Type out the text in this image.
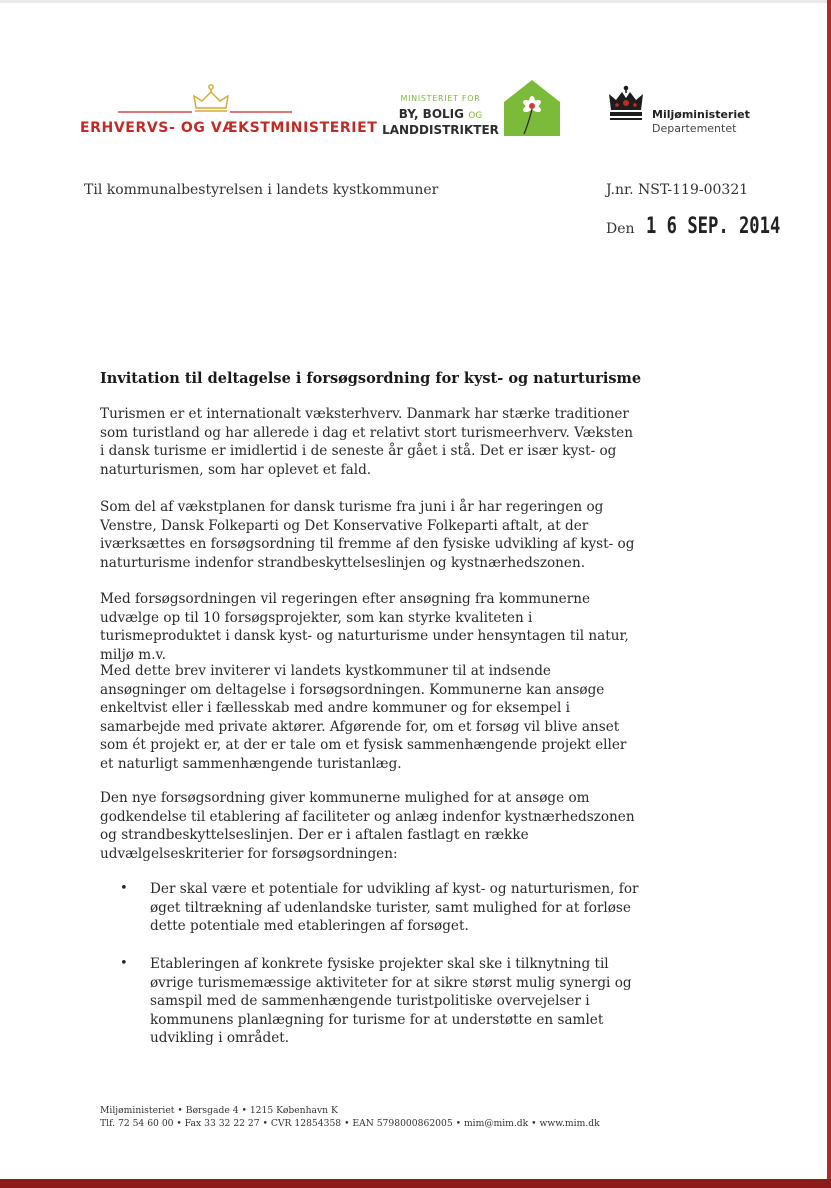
ERHVERVS- OG VÆKSTMINISTERIET
MINISTERIET FOR
BY, BOLIG OG
LANDDISTRIKTER
Miljøministeriet
Departementet
Til kommunalbestyrelsen i landets kystkommuner	J.nr. NST-119-00321
Den 1 6 SEP. 2014
Invitation til deltagelse i forsøgsordning for kyst- og naturturisme

Turismen er et internationalt væksterhverv. Danmark har stærke traditioner som turistland og har allerede i dag et relativt stort turismeerhverv. Væksten i dansk turisme er imidlertid i de seneste år gået i stå. Det er især kyst- og naturturismen, som har oplevet et fald.

Som del af vækstplanen for dansk turisme fra juni i år har regeringen og Venstre, Dansk Folkeparti og Det Konservative Folkeparti aftalt, at der iværksættes en forsøgsordning til fremme af den fysiske udvikling af kyst- og naturturisme indenfor strandbeskyttelseslinjen og kystnærhedszonen.

Med forsøgsordningen vil regeringen efter ansøgning fra kommunerne udvælge op til 10 forsøgsprojekter, som kan styrke kvaliteten i turismeproduktet i dansk kyst- og naturturisme under hensyntagen til natur, miljø m.v.

Med dette brev inviterer vi landets kystkommuner til at indsende ansøgninger om deltagelse i forsøgsordningen. Kommunerne kan ansøge enkeltvist eller i fællesskab med andre kommuner og for eksempel i samarbejde med private aktører. Afgørende for, om et forsøg vil blive anset som ét projekt er, at der er tale om et fysisk sammenhængende projekt eller et naturligt sammenhængende turistanlæg.

Den nye forsøgsordning giver kommunerne mulighed for at ansøge om godkendelse til etablering af faciliteter og anlæg indenfor kystnærhedszonen og strandbeskyttelseslinjen. Der er i aftalen fastlagt en række udvælgelseskriterier for forsøgsordningen:

• Der skal være et potentiale for udvikling af kyst- og naturturismen, for øget tiltrækning af udenlandske turister, samt mulighed for at forløse dette potentiale med etableringen af forsøget.
• Etableringen af konkrete fysiske projekter skal ske i tilknytning til øvrige turismemæssige aktiviteter for at sikre størst mulig synergi og samspil med de sammenhængende turistpolitiske overvejelser i kommunens planlægning for turisme for at understøtte en samlet udvikling i området.
Miljøministeriet • Børsgade 4 • 1215 København K
Tlf. 72 54 60 00 • Fax 33 32 22 27 • CVR 12854358 • EAN 5798000862005 • mim@mim.dk • www.mim.dk
